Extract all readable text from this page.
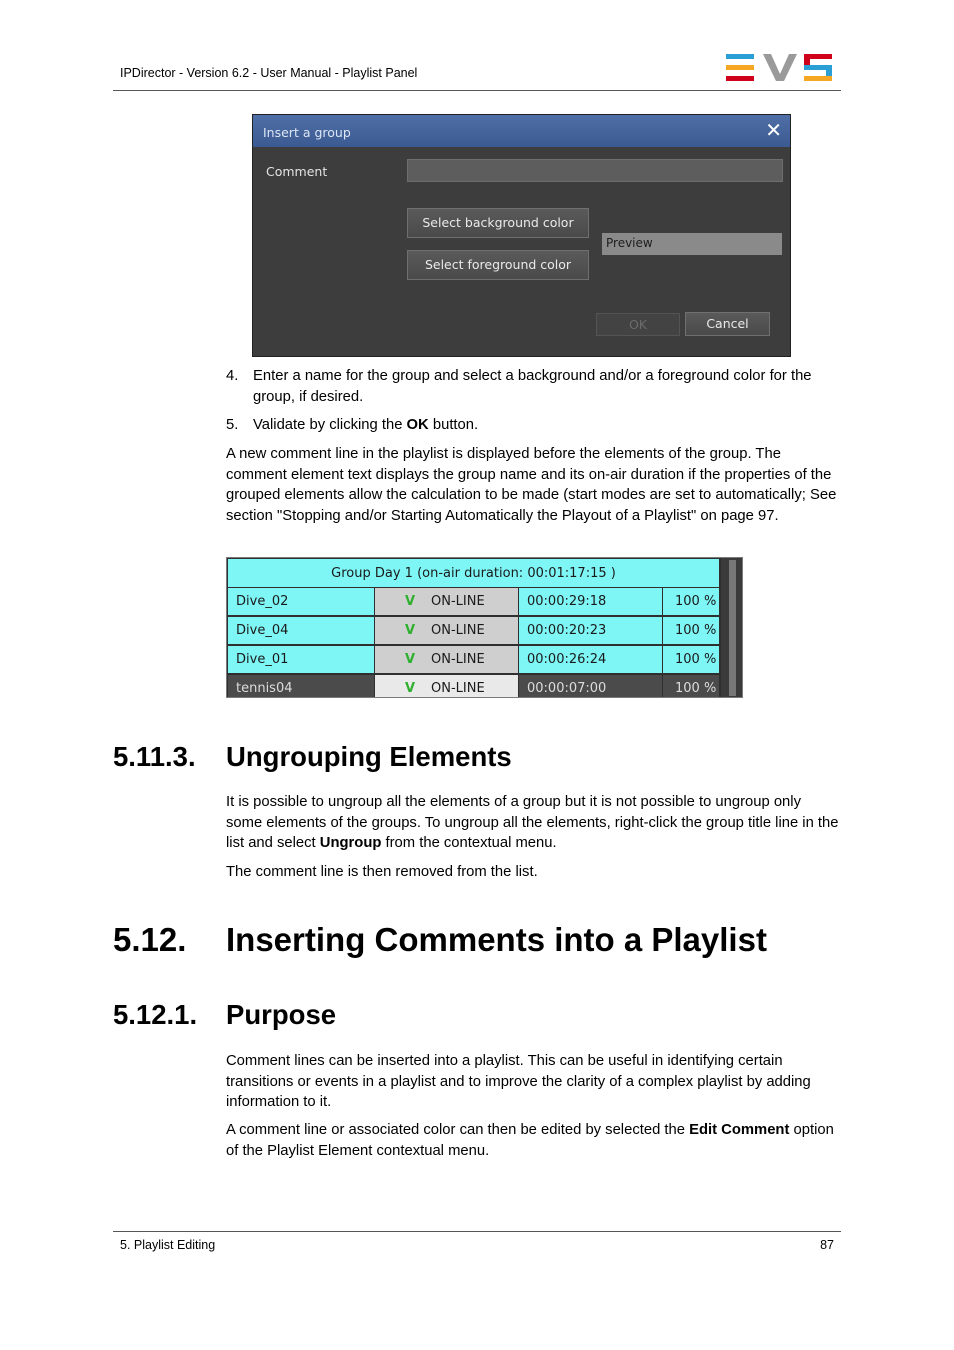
IPDirector - Version 6.2 - User Manual - Playlist Panel
Insert a group	✕
Comment
Select background color
Select foreground color
Preview
OK	Cancel
4. Enter a name for the group and select a background and/or a foreground color for the group, if desired.
5. Validate by clicking the OK button.
A new comment line in the playlist is displayed before the elements of the group. The comment element text displays the group name and its on-air duration if the properties of the grouped elements allow the calculation to be made (start modes are set to automatically; See section "Stopping and/or Starting Automatically the Playout of a Playlist" on page 97.
Group Day 1 (on-air duration: 00:01:17:15 )
Dive_02	V ON-LINE	00:00:29:18	100 %
Dive_04	V ON-LINE	00:00:20:23	100 %
Dive_01	V ON-LINE	00:00:26:24	100 %
tennis04	V ON-LINE	00:00:07:00	100 %
5.11.3. Ungrouping Elements
It is possible to ungroup all the elements of a group but it is not possible to ungroup only some elements of the groups. To ungroup all the elements, right-click the group title line in the list and select Ungroup from the contextual menu.
The comment line is then removed from the list.
5.12. Inserting Comments into a Playlist
5.12.1. Purpose
Comment lines can be inserted into a playlist. This can be useful in identifying certain transitions or events in a playlist and to improve the clarity of a complex playlist by adding information to it.
A comment line or associated color can then be edited by selected the Edit Comment option of the Playlist Element contextual menu.
5. Playlist Editing	87
